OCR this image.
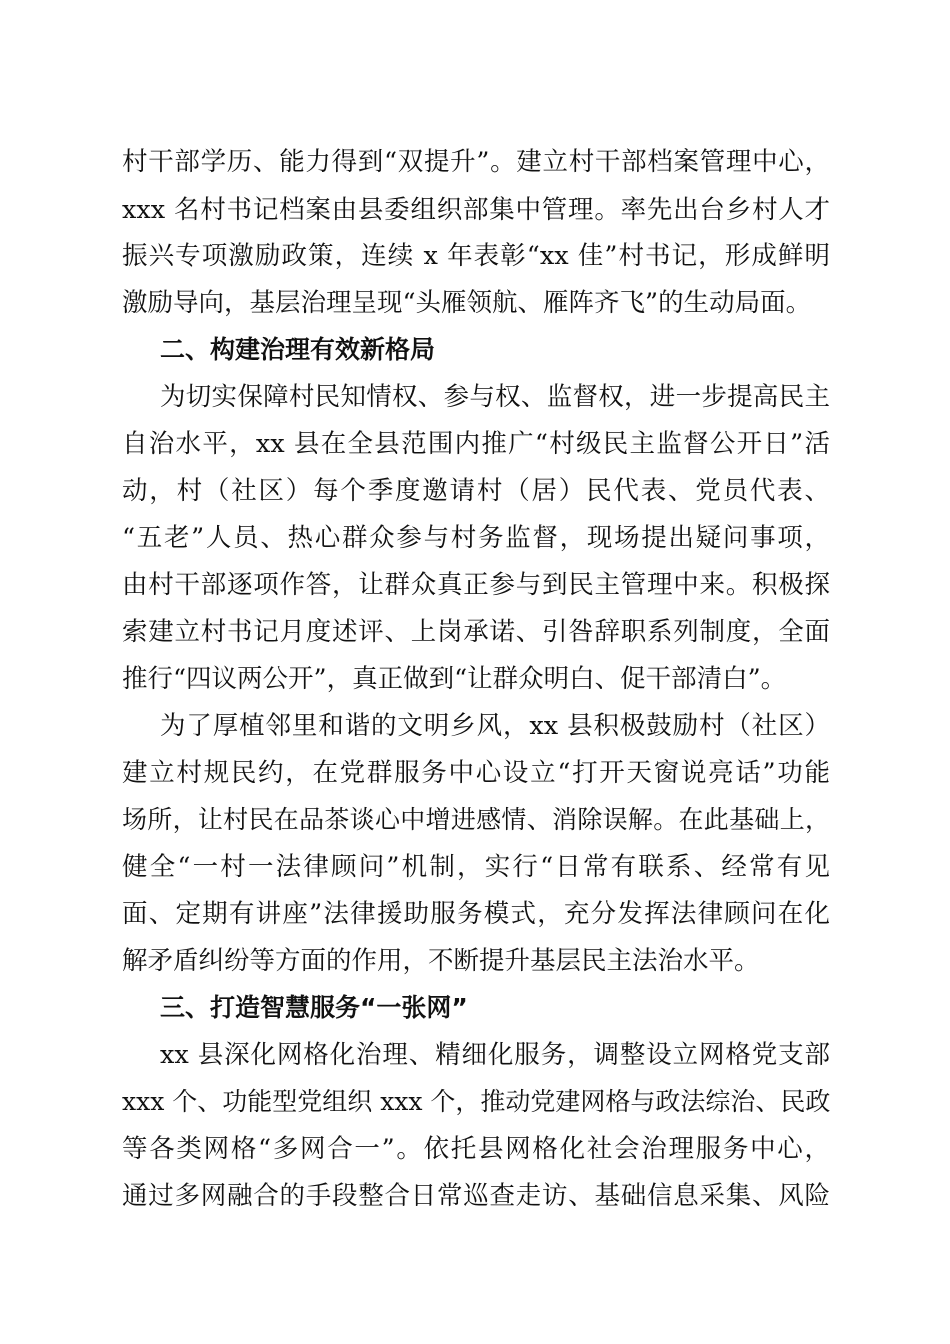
村干部学历、能力得到“双提升”。建立村干部档案管理中心，
xxx 名村书记档案由县委组织部集中管理。率先出台乡村人才
振兴专项激励政策，连续 x 年表彰“xx 佳”村书记，形成鲜明
激励导向，基层治理呈现“头雁领航、雁阵齐飞”的生动局面。
二、构建治理有效新格局
为切实保障村民知情权、参与权、监督权，进一步提高民主
自治水平，xx 县在全县范围内推广“村级民主监督公开日”活
动，村（社区）每个季度邀请村（居）民代表、党员代表、
“五老”人员、热心群众参与村务监督，现场提出疑问事项，
由村干部逐项作答，让群众真正参与到民主管理中来。积极探
索建立村书记月度述评、上岗承诺、引咎辞职系列制度，全面
推行“四议两公开”，真正做到“让群众明白、促干部清白”。
为了厚植邻里和谐的文明乡风，xx 县积极鼓励村（社区）
建立村规民约，在党群服务中心设立“打开天窗说亮话”功能
场所，让村民在品茶谈心中增进感情、消除误解。在此基础上，
健全“一村一法律顾问”机制，实行“日常有联系、经常有见
面、定期有讲座”法律援助服务模式，充分发挥法律顾问在化
解矛盾纠纷等方面的作用，不断提升基层民主法治水平。
三、打造智慧服务“一张网”
xx 县深化网格化治理、精细化服务，调整设立网格党支部
xxx 个、功能型党组织 xxx 个，推动党建网格与政法综治、民政
等各类网格“多网合一”。依托县网格化社会治理服务中心，
通过多网融合的手段整合日常巡查走访、基础信息采集、风险
